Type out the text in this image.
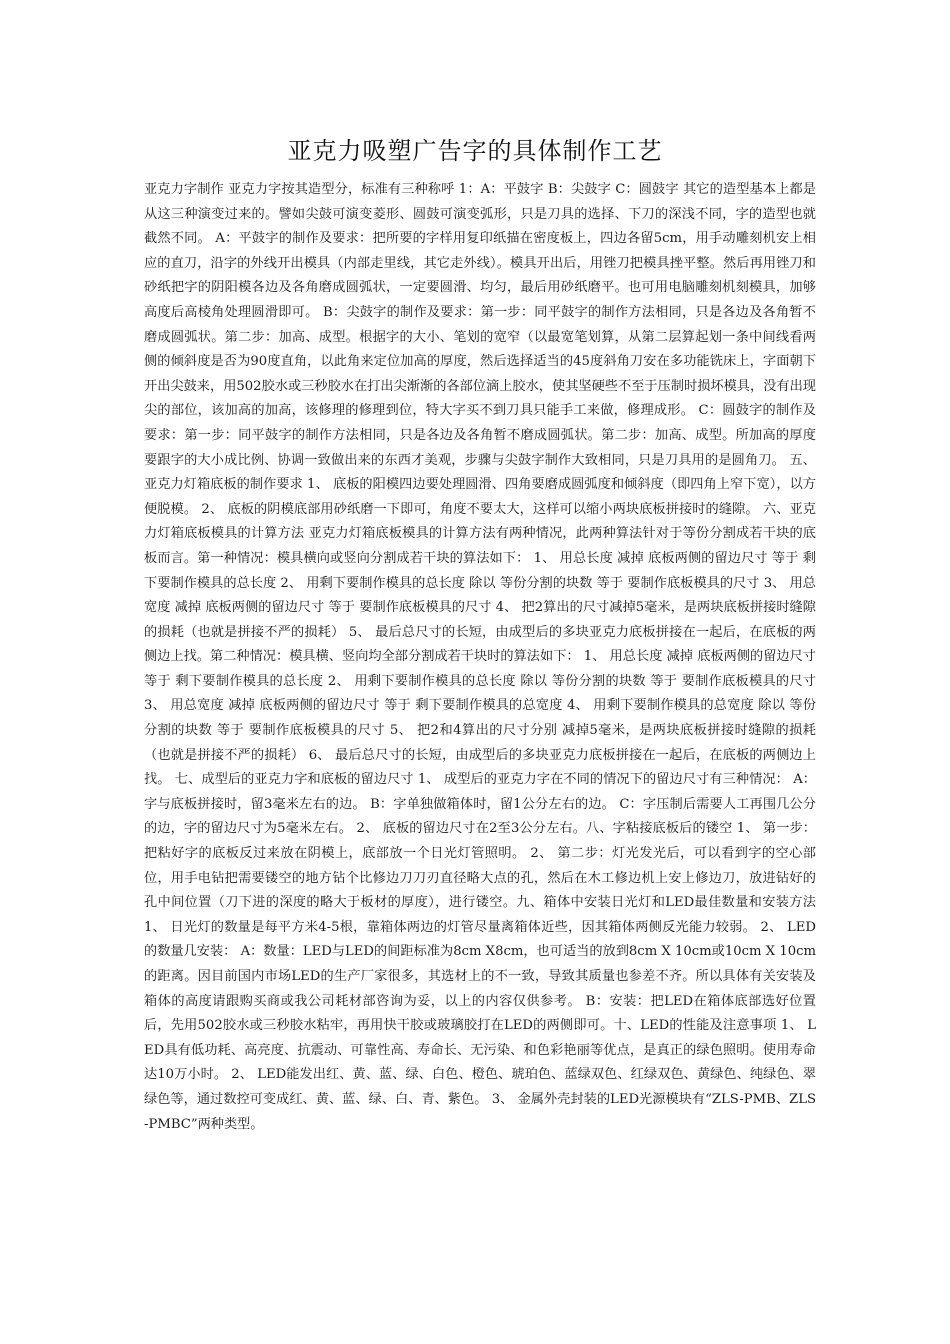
亚克力吸塑广告字的具体制作工艺
亚克力字制作 亚克力字按其造型分，标准有三种称呼 1：A：平鼓字 B：尖鼓字 C：圆鼓字 其它的造型基本上都是从这三种演变过来的。譬如尖鼓可演变菱形、圆鼓可演变弧形，只是刀具的选择、下刀的深浅不同，字的造型也就截然不同。 A：平鼓字的制作及要求：把所要的字样用复印纸描在密度板上，四边各留5cm，用手动雕刻机安上相应的直刀，沿字的外线开出模具（内部走里线，其它走外线）。模具开出后，用锉刀把模具挫平整。然后再用锉刀和砂纸把字的阴阳模各边及各角磨成圆弧状，一定要圆滑、均匀，最后用砂纸磨平。也可用电脑雕刻机刻模具，加够高度后高棱角处理圆滑即可。 B：尖鼓字的制作及要求：第一步：同平鼓字的制作方法相同，只是各边及各角暂不磨成圆弧状。第二步：加高、成型。根据字的大小、笔划的宽窄（以最宽笔划算，从第二层算起划一条中间线看两侧的倾斜度是否为90度直角，以此角来定位加高的厚度，然后选择适当的45度斜角刀安在多功能铣床上，字面朝下开出尖鼓来，用502胶水或三秒胶水在打出尖渐渐的各部位滴上胶水，使其坚硬些不至于压制时损坏模具，没有出现尖的部位，该加高的加高，该修理的修理到位，特大字买不到刀具只能手工来做，修理成形。 C：圆鼓字的制作及要求：第一步：同平鼓字的制作方法相同，只是各边及各角暂不磨成圆弧状。第二步：加高、成型。所加高的厚度要跟字的大小成比例、协调一致做出来的东西才美观，步骤与尖鼓字制作大致相同，只是刀具用的是圆角刀。 五、亚克力灯箱底板的制作要求 1、 底板的阳模四边要处理圆滑、四角要磨成圆弧度和倾斜度（即四角上窄下宽），以方便脱模。 2、 底板的阴模底部用砂纸磨一下即可，角度不要太大，这样可以缩小两块底板拼接时的缝隙。 六、亚克力灯箱底板模具的计算方法 亚克力灯箱底板模具的计算方法有两种情况，此两种算法针对于等份分割成若干块的底板而言。第一种情况：模具横向或竖向分割成若干块的算法如下： 1、 用总长度 减掉 底板两侧的留边尺寸 等于 剩下要制作模具的总长度 2、 用剩下要制作模具的总长度 除以 等份分割的块数 等于 要制作底板模具的尺寸 3、 用总宽度 减掉 底板两侧的留边尺寸 等于 要制作底板模具的尺寸 4、 把2算出的尺寸减掉5毫米，是两块底板拼接时缝隙的损耗（也就是拼接不严的损耗） 5、 最后总尺寸的长短，由成型后的多块亚克力底板拼接在一起后，在底板的两侧边上找。第二种情况：模具横、竖向均全部分割成若干块时的算法如下： 1、 用总长度 减掉 底板两侧的留边尺寸 等于 剩下要制作模具的总长度 2、 用剩下要制作模具的总长度 除以 等份分割的块数 等于 要制作底板模具的尺寸 3、 用总宽度 减掉 底板两侧的留边尺寸 等于 剩下要制作模具的总宽度 4、 用剩下要制作模具的总宽度 除以 等份分割的块数 等于 要制作底板模具的尺寸 5、 把2和4算出的尺寸分别 减掉5毫米，是两块底板拼接时缝隙的损耗（也就是拼接不严的损耗） 6、 最后总尺寸的长短，由成型后的多块亚克力底板拼接在一起后，在底板的两侧边上找。 七、成型后的亚克力字和底板的留边尺寸 1、 成型后的亚克力字在不同的情况下的留边尺寸有三种情况： A：字与底板拼接时，留3毫米左右的边。 B：字单独做箱体时，留1公分左右的边。 C：字压制后需要人工再围几公分的边，字的留边尺寸为5毫米左右。 2、 底板的留边尺寸在2至3公分左右。八、字粘接底板后的镂空 1、 第一步：把粘好字的底板反过来放在阴模上，底部放一个日光灯管照明。 2、 第二步：灯光发光后，可以看到字的空心部位，用手电钻把需要镂空的地方钻个比修边刀刀刃直径略大点的孔，然后在木工修边机上安上修边刀，放进钻好的孔中间位置（刀下进的深度的略大于板材的厚度），进行镂空。九、箱体中安装日光灯和LED最佳数量和安装方法 1、 日光灯的数量是每平方米4-5根，靠箱体两边的灯管尽量离箱体近些，因其箱体两侧反光能力较弱。 2、 LED的数量几安装： A：数量：LED与LED的间距标准为8cm X8cm，也可适当的放到8cm X 10cm或10cm X 10cm的距离。因目前国内市场LED的生产厂家很多，其选材上的不一致，导致其质量也参差不齐。所以具体有关安装及箱体的高度请跟购买商或我公司耗材部咨询为妥，以上的内容仅供参考。 B：安装：把LED在箱体底部选好位置后，先用502胶水或三秒胶水粘牢，再用快干胶或玻璃胶打在LED的两侧即可。十、LED的性能及注意事项 1、 LED具有低功耗、高亮度、抗震动、可靠性高、寿命长、无污染、和色彩艳丽等优点，是真正的绿色照明。使用寿命达10万小时。 2、 LED能发出红、黄、蓝、绿、白色、橙色、琥珀色、蓝绿双色、红绿双色、黄绿色、纯绿色、翠绿色等，通过数控可变成红、黄、蓝、绿、白、青、紫色。 3、 金属外壳封装的LED光源模块有“ZLS-PMB、ZLS-PMBC”两种类型。
